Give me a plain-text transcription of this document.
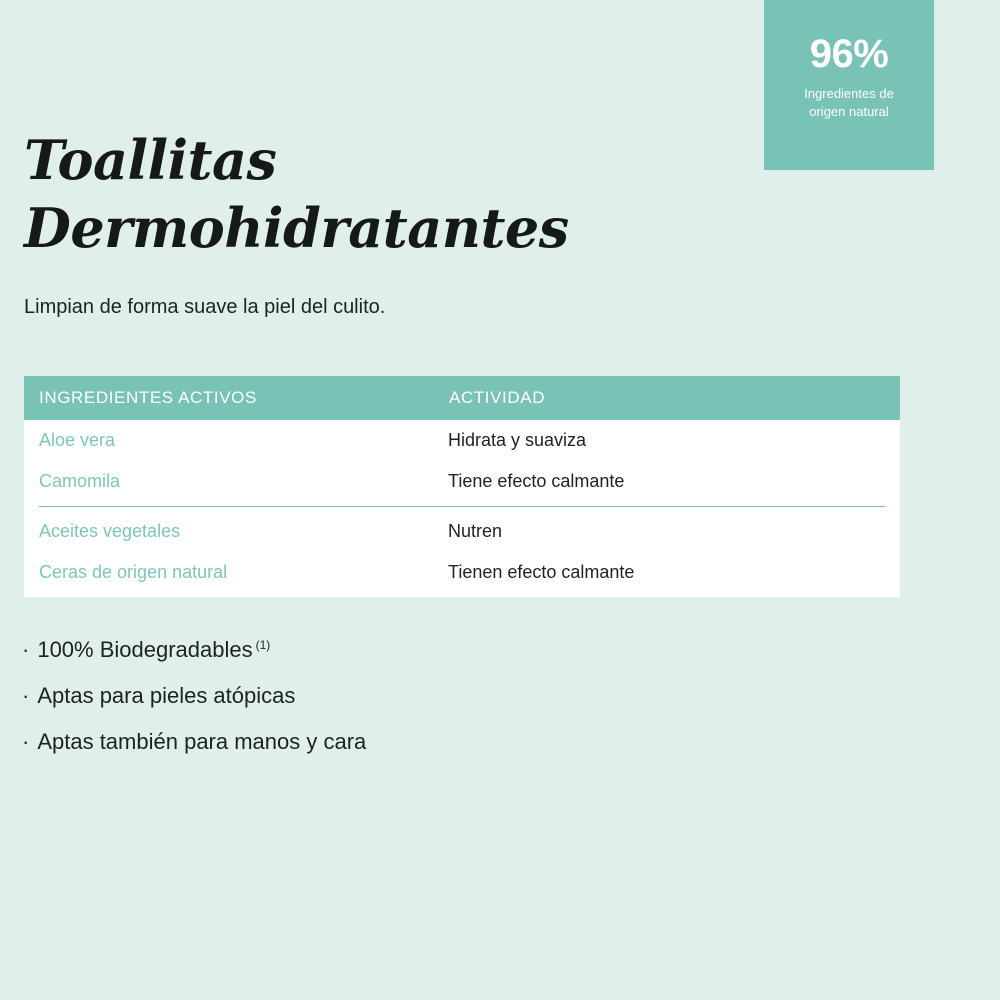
96%
Ingredientes de
origen natural
Toallitas
Dermohidratantes
Limpian de forma suave la piel del culito.
INGREDIENTES ACTIVOS	ACTIVIDAD
Aloe vera	Hidrata y suaviza
Camomila	Tiene efecto calmante
Aceites vegetales	Nutren
Ceras de origen natural	Tienen efecto calmante
· 100% Biodegradables $^{(1)}$
· Aptas para pieles atópicas
· Aptas también para manos y cara
